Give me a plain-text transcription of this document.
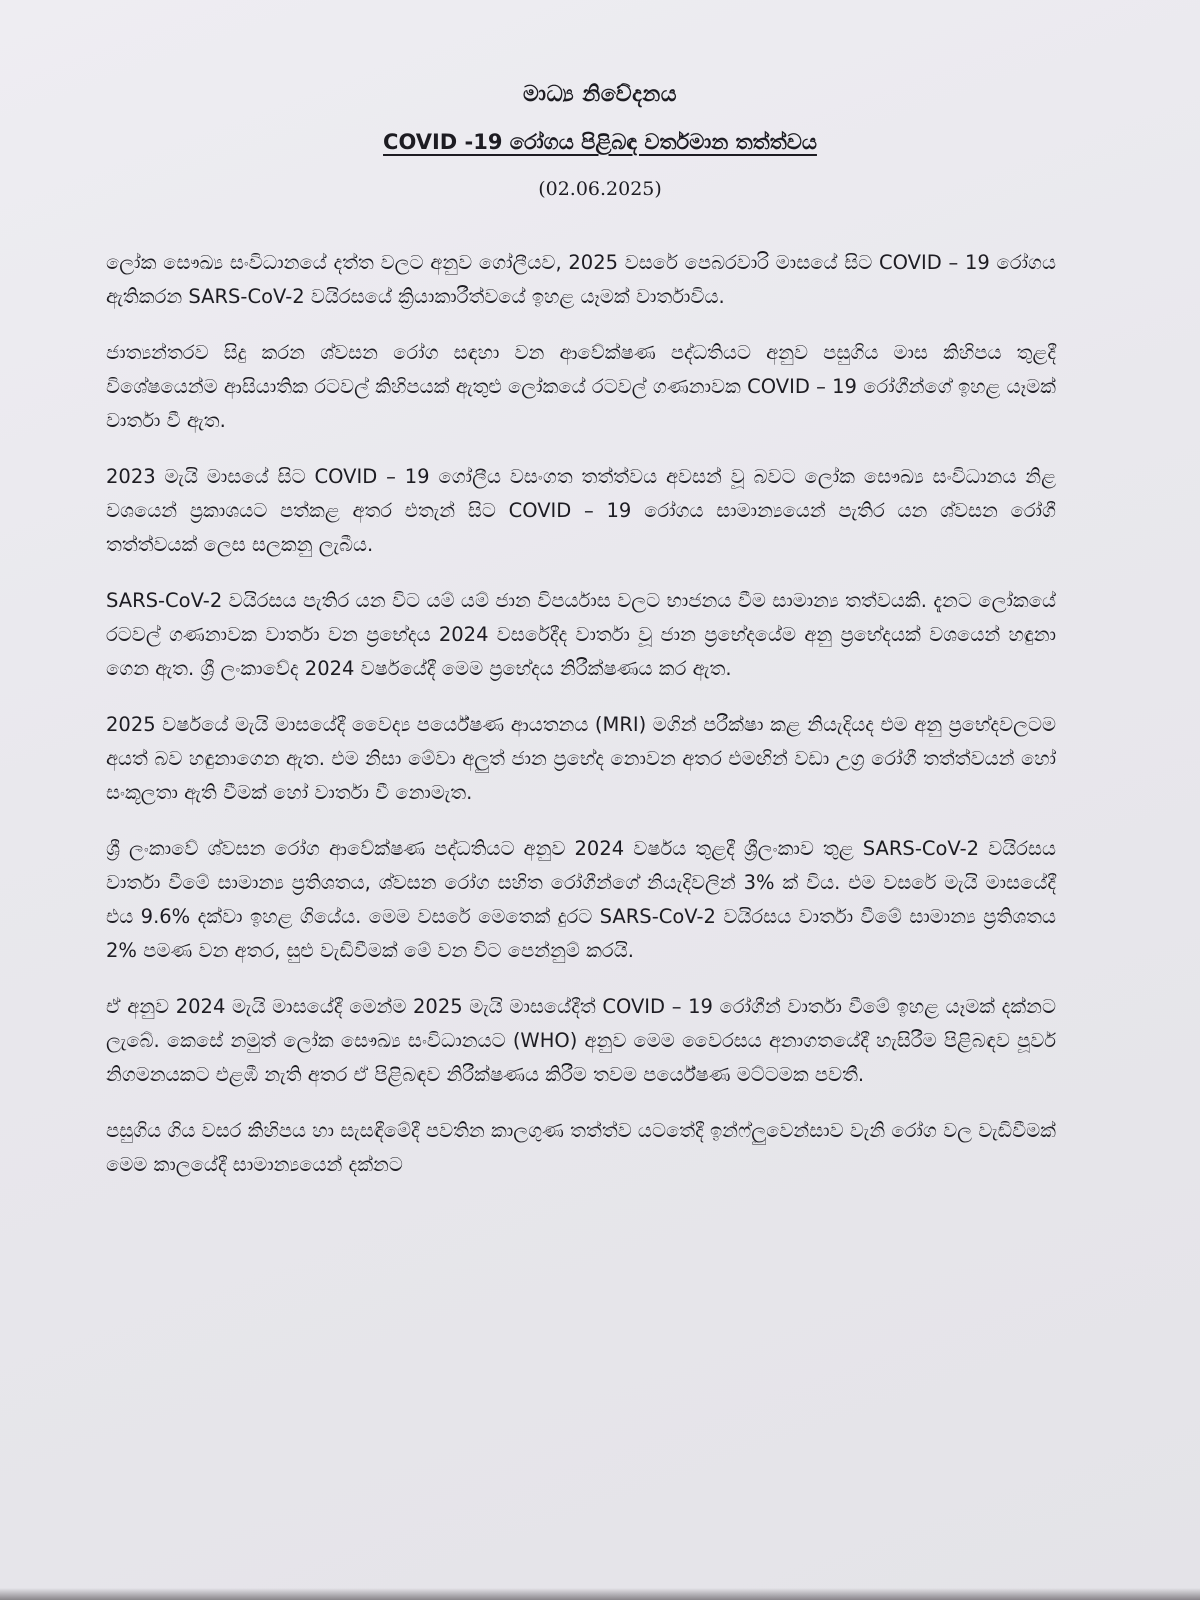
මාධ්‍ය නිවේදනය
COVID -19 රෝගය පිළිබඳ වර්තමාන තත්ත්වය
(02.06.2025)

ලෝක සෞඛ්‍ය සංවිධානයේ දත්ත වලට අනුව ගෝලීයව, 2025 වසරේ පෙබරවාරි මාසයේ සිට COVID – 19 රෝගය ඇතිකරන SARS-CoV-2 වයිරසයේ ක්‍රියාකාරීත්වයේ ඉහළ යෑමක් වාර්තාවිය.

ජාත්‍යන්තරව සිදු කරන ශ්වසන රෝග සඳහා වන ආවේක්ෂණ පද්ධතියට අනුව පසුගිය මාස කිහිපය තුළදී විශේෂයෙන්ම ආසියාතික රටවල් කිහිපයක් ඇතුළු ලෝකයේ රටවල් ගණනාවක COVID – 19 රෝගීන්ගේ ඉහළ යෑමක් වාර්තා වී ඇත.

2023 මැයි මාසයේ සිට COVID – 19 ගෝලීය වසංගත තත්ත්වය අවසන් වූ බවට ලෝක සෞඛ්‍ය සංවිධානය නිළ වශයෙන් ප්‍රකාශයට පත්කළ අතර එතැන් සිට COVID – 19 රෝගය සාමාන්‍යයෙන් පැතිර යන ශ්වසන රෝගී තත්ත්වයක් ලෙස සලකනු ලැබීය.

SARS-CoV-2 වයිරසය පැතිර යන විට යම් යම් ජාන විපර්යාස වලට භාජනය වීම සාමාන්‍ය තත්වයකි. දැනට ලෝකයේ රටවල් ගණනාවක වාර්තා වන ප්‍රභේදය 2024 වසරේදීද වාර්තා වූ ජාන ප්‍රභේදයේම අනු ප්‍රභේදයක් වශයෙන් හඳුනා ගෙන ඇත. ශ්‍රී ලංකාවේද 2024 වර්ෂයේදී මෙම ප්‍රභේදය නිරීක්ෂණය කර ඇත.

2025 වර්ෂයේ මැයි මාසයේදී වෛද්‍ය පර්යේෂණ ආයතනය (MRI) මගින් පරීක්ෂා කළ නියැදියද එම අනු ප්‍රභේදවලටම අයත් බව හඳුනාගෙන ඇත. එම නිසා මේවා අලුත් ජාන ප්‍රභේද නොවන අතර එමඟින් වඩා උග්‍ර රෝගී තත්ත්වයන් හෝ සංකූලතා ඇති වීමක් හෝ වාර්තා වී නොමැත.

ශ්‍රී ලංකාවේ ශ්වසන රෝග ආවේක්ෂණ පද්ධතියට අනුව 2024 වර්ෂය තුළදී ශ්‍රීලංකාව තුළ SARS-CoV-2 වයිරසය වාර්තා වීමේ සාමාන්‍ය ප්‍රතිශතය, ශ්වසන රෝග සහිත රෝගීන්ගේ නියැදිවලින් 3% ක් විය. එම වසරේ මැයි මාසයේදී එය 9.6% දක්වා ඉහළ ගියේය. මෙම වසරේ මෙතෙක් දුරට SARS-CoV-2 වයිරසය වාර්තා වීමේ සාමාන්‍ය ප්‍රතිශතය 2% පමණ වන අතර, සුළු වැඩිවීමක් මේ වන විට පෙන්නුම් කරයි.

ඒ අනුව 2024 මැයි මාසයේදී මෙන්ම 2025 මැයි මාසයේදීත් COVID – 19 රෝගීන් වාර්තා වීමේ ඉහළ යෑමක් දක්නට ලැබේ. කෙසේ නමුත් ලෝක සෞඛ්‍ය සංවිධානයට (WHO) අනුව මෙම වෛරසය අනාගතයේදී හැසිරීම පිළිබඳව පූර්ව නිගමනයකට එළඹී නැති අතර ඒ පිළිබඳව නිරීක්ෂණය කිරීම තවම පර්යේෂණ මට්ටමක පවතී.

පසුගිය ගිය වසර කිහිපය හා සැසඳීමේදී පවතින කාලගුණ තත්ත්ව යටතේදී ඉන්ෆ්ලුවෙන්සාව වැනි රෝග වල වැඩිවීමක් මෙම කාලයේදී සාමාන්‍යයෙන් දක්නට
